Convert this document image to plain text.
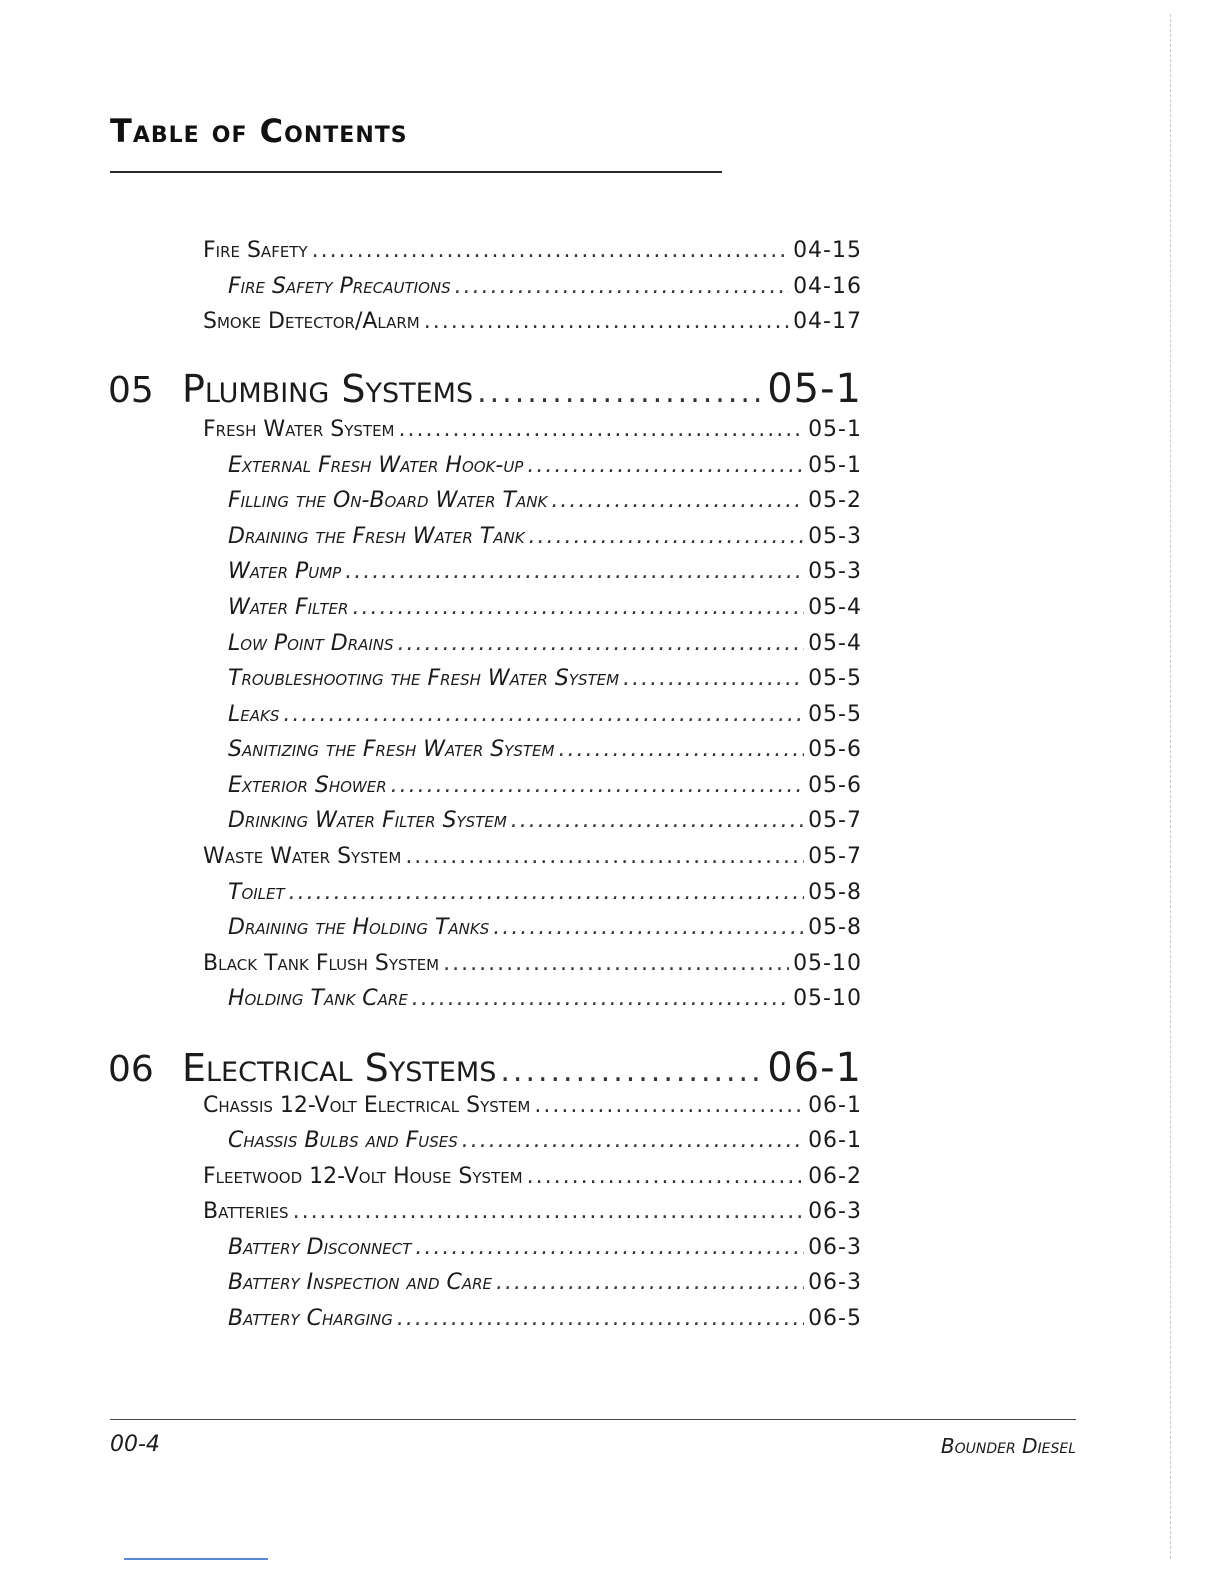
Table of Contents
Fire Safety .....	04-15
Fire Safety Precautions .....	04-16
Smoke Detector/Alarm .....	04-17
05 Plumbing Systems .....	05-1
Fresh Water System .....	05-1
External Fresh Water Hook-up .....	05-1
Filling the On-Board Water Tank .....	05-2
Draining the Fresh Water Tank .....	05-3
Water Pump .....	05-3
Water Filter .....	05-4
Low Point Drains .....	05-4
Troubleshooting the Fresh Water System .....	05-5
Leaks .....	05-5
Sanitizing the Fresh Water System .....	05-6
Exterior Shower .....	05-6
Drinking Water Filter System .....	05-7
Waste Water System .....	05-7
Toilet .....	05-8
Draining the Holding Tanks .....	05-8
Black Tank Flush System .....	05-10
Holding Tank Care .....	05-10
06 Electrical Systems .....	06-1
Chassis 12-Volt Electrical System .....	06-1
Chassis Bulbs and Fuses .....	06-1
Fleetwood 12-Volt House System .....	06-2
Batteries .....	06-3
Battery Disconnect .....	06-3
Battery Inspection and Care .....	06-3
Battery Charging .....	06-5
00-4	Bounder Diesel
